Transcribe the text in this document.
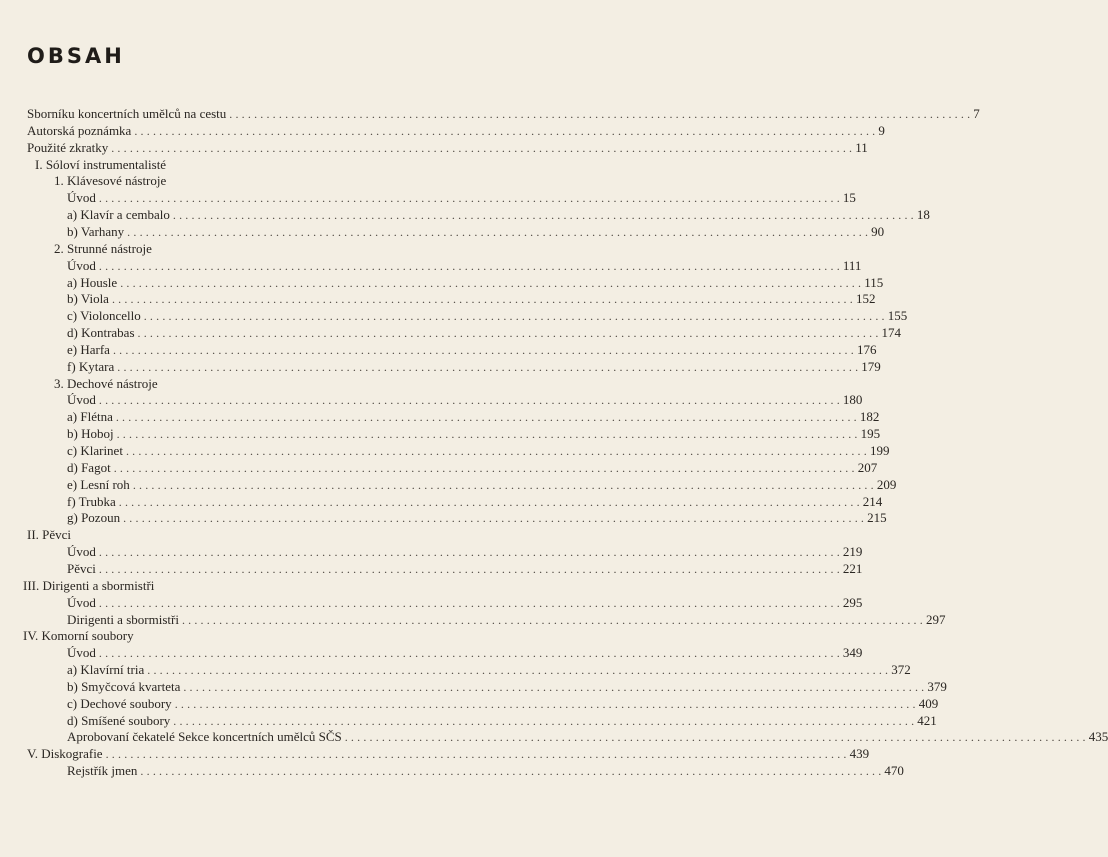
OBSAH
Sborníku koncertních umělců na cestu ........................................................................................................................ 7
Autorská poznámka ........................................................................................................................ 9
Použité zkratky ........................................................................................................................ 11
I. Sóloví instrumentalisté
1. Klávesové nástroje
Úvod ........................................................................................................................ 15
a) Klavír a cembalo ........................................................................................................................ 18
b) Varhany ........................................................................................................................ 90
2. Strunné nástroje
Úvod ........................................................................................................................ 111
a) Housle ........................................................................................................................ 115
b) Viola ........................................................................................................................ 152
c) Violoncello ........................................................................................................................ 155
d) Kontrabas ........................................................................................................................ 174
e) Harfa ........................................................................................................................ 176
f) Kytara ........................................................................................................................ 179
3. Dechové nástroje
Úvod ........................................................................................................................ 180
a) Flétna ........................................................................................................................ 182
b) Hoboj ........................................................................................................................ 195
c) Klarinet ........................................................................................................................ 199
d) Fagot ........................................................................................................................ 207
e) Lesní roh ........................................................................................................................ 209
f) Trubka ........................................................................................................................ 214
g) Pozoun ........................................................................................................................ 215
II. Pěvci
Úvod ........................................................................................................................ 219
Pěvci ........................................................................................................................ 221
III. Dirigenti a sbormistři
Úvod ........................................................................................................................ 295
Dirigenti a sbormistři ........................................................................................................................ 297
IV. Komorní soubory
Úvod ........................................................................................................................ 349
a) Klavírní tria ........................................................................................................................ 372
b) Smyčcová kvarteta ........................................................................................................................ 379
c) Dechové soubory ........................................................................................................................ 409
d) Smíšené soubory ........................................................................................................................ 421
Aprobovaní čekatelé Sekce koncertních umělců SČS ........................................................................................................................ 435
V. Diskografie ........................................................................................................................ 439
Rejstřík jmen ........................................................................................................................ 470
